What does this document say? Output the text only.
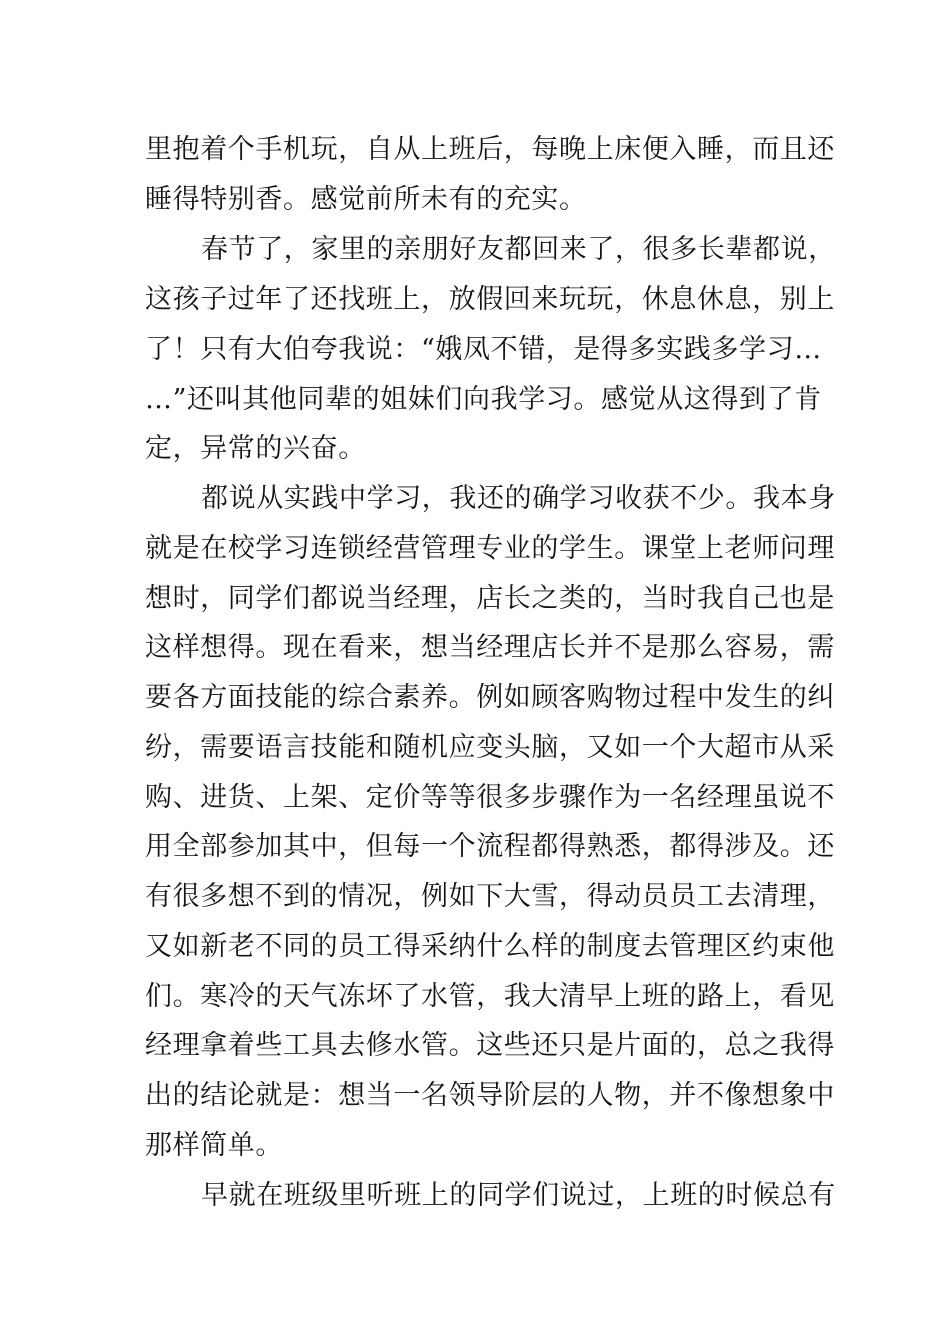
里抱着个手机玩，自从上班后，每晚上床便入睡，而且还
睡得特别香。感觉前所未有的充实。
春节了，家里的亲朋好友都回来了，很多长辈都说，
这孩子过年了还找班上，放假回来玩玩，休息休息，别上
了！只有大伯夸我说：“娥凤不错，是得多实践多学习…
…”还叫其他同辈的姐妹们向我学习。感觉从这得到了肯
定，异常的兴奋。
都说从实践中学习，我还的确学习收获不少。我本身
就是在校学习连锁经营管理专业的学生。课堂上老师问理
想时，同学们都说当经理，店长之类的，当时我自己也是
这样想得。现在看来，想当经理店长并不是那么容易，需
要各方面技能的综合素养。例如顾客购物过程中发生的纠
纷，需要语言技能和随机应变头脑，又如一个大超市从采
购、进货、上架、定价等等很多步骤作为一名经理虽说不
用全部参加其中，但每一个流程都得熟悉，都得涉及。还
有很多想不到的情况，例如下大雪，得动员员工去清理，
又如新老不同的员工得采纳什么样的制度去管理区约束他
们。寒冷的天气冻坏了水管，我大清早上班的路上，看见
经理拿着些工具去修水管。这些还只是片面的，总之我得
出的结论就是：想当一名领导阶层的人物，并不像想象中
那样简单。
早就在班级里听班上的同学们说过，上班的时候总有
